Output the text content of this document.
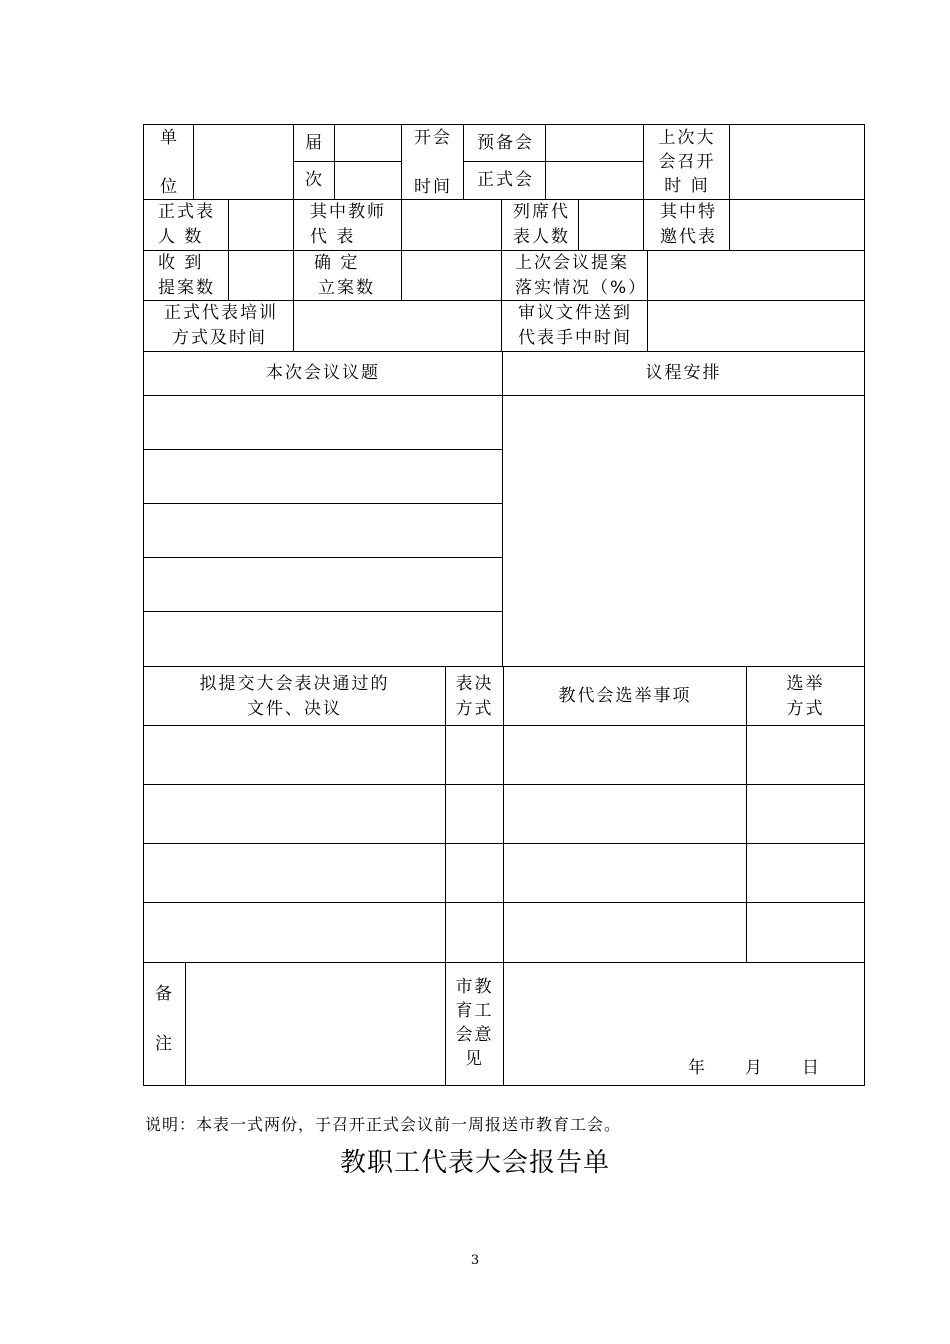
单
位
届
次
开会
时间
预备会
正式会
上次大
会召开
时 间
正式表
人 数
其中教师
代 表
列席代
表人数
其中特
邀代表
收 到
提案数
确 定
立案数
上次会议提案
落实情况（%）
正式代表培训
方式及时间
审议文件送到
代表手中时间
本次会议议题	议程安排
拟提交大会表决通过的
文件、决议
表决
方式
教代会选举事项
选举
方式
备
注
市教
育工
会意
见	年 月 日
说明：本表一式两份，于召开正式会议前一周报送市教育工会。
教职工代表大会报告单
3
